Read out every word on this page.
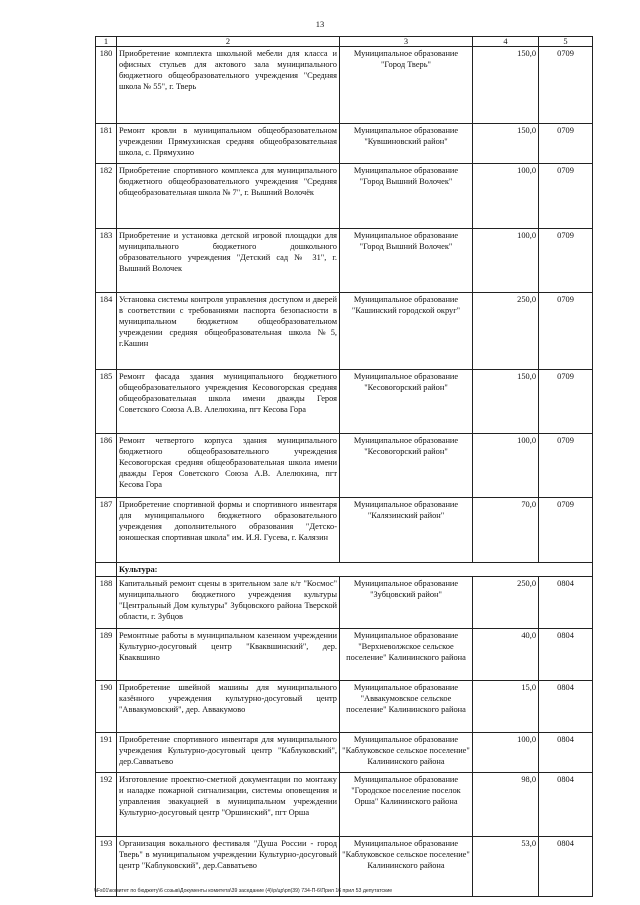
13
1	2	3	4	5
180	Приобретение комплекта школьной мебели для класса и офисных стульев для актового зала муниципального бюджетного общеобразовательного учреждения "Средняя школа № 55", г. Тверь	Муниципальное образование "Город Тверь"	150,0	0709
181	Ремонт кровли в муниципальном общеобразовательном учреждении Прямухинская средняя общеобразовательная школа, с. Прямухино	Муниципальное образование "Кувшиновский район"	150,0	0709
182	Приобретение спортивного комплекса для муниципального бюджетного общеобразовательного учреждения "Средняя общеобразовательная школа № 7", г. Вышний Волочёк	Муниципальное образование "Город Вышний Волочек"	100,0	0709
183	Приобретение и установка детской игровой площадки для муниципального бюджетного дошкольного образовательного учреждения "Детский сад № 31", г. Вышний Волочек	Муниципальное образование "Город Вышний Волочек"	100,0	0709
184	Установка системы контроля управления доступом и дверей в соответствии с требованиями паспорта безопасности в муниципальном бюджетном общеобразовательном учреждении средняя общеобразовательная школа №5, г.Кашин	Муниципальное образование "Кашинский городской округ"	250,0	0709
185	Ремонт фасада здания муниципального бюджетного общеобразовательного учреждения Кесовогорская средняя общеобразовательная школа имени дважды Героя Советского Союза А.В. Алелюхина, пгт Кесова Гора	Муниципальное образование "Кесовогорский район"	150,0	0709
186	Ремонт четвертого корпуса здания муниципального бюджетного общеобразовательного учреждения Кесовогорская средняя общеобразовательная школа имени дважды Героя Советского Союза А.В. Алелюхина, пгт Кесова Гора	Муниципальное образование "Кесовогорский район"	100,0	0709
187	Приобретение спортивной формы и спортивного инвентаря для муниципального бюджетного образовательного учреждения дополнительного образования "Детско-юношеская спортивная школа" им. И.Я. Гусева, г. Калязин	Муниципальное образование "Калязинский район"	70,0	0709
	Культура:			
188	Капитальный ремонт сцены в зрительном зале к/т "Космос" муниципального бюджетного учреждения культуры "Центральный Дом культуры" Зубцовского района Тверской области, г. Зубцов	Муниципальное образование "Зубцовский район"	250,0	0804
189	Ремонтные работы в муниципальном казенном учреждении Культурно-досуговый центр "Кваквшинский", дер. Кваквшино	Муниципальное образование "Верхневолжское сельское поселение" Калининского района	40,0	0804
190	Приобретение швейной машины для муниципального казённого учреждения культурно-досуговый центр "Аввакумовский", дер. Аввакумово	Муниципальное образование "Аввакумовское сельское поселение" Калининского района	15,0	0804
191	Приобретение спортивного инвентаря для муниципального учреждения Культурно-досуговый центр "Каблуковский", дер.Савватьево	Муниципальное образование "Каблуковское сельское поселение" Калининского района	100,0	0804
192	Изготовление проектно-сметной документации по монтажу и наладке пожарной сигнализации, системы оповещения и управления эвакуацией в муниципальном учреждении Культурно-досуговый центр "Оршинский", пгт Орша	Муниципальное образование "Городское поселение поселок Орша" Калининского района	98,0	0804
193	Организация вокального фестиваля "Душа России - город Тверь" в муниципальном учреждении Культурно-досуговый центр "Каблуковский", дер.Савватьево	Муниципальное образование "Каблуковское сельское поселение" Калининского района	53,0	0804
\\Fs01\комитет по бюджету\6 созыв\Документы комитета\39 заседание (4)\р/цр\рп(39) 734-П-6\Прил 16 прил 53 депутатские
